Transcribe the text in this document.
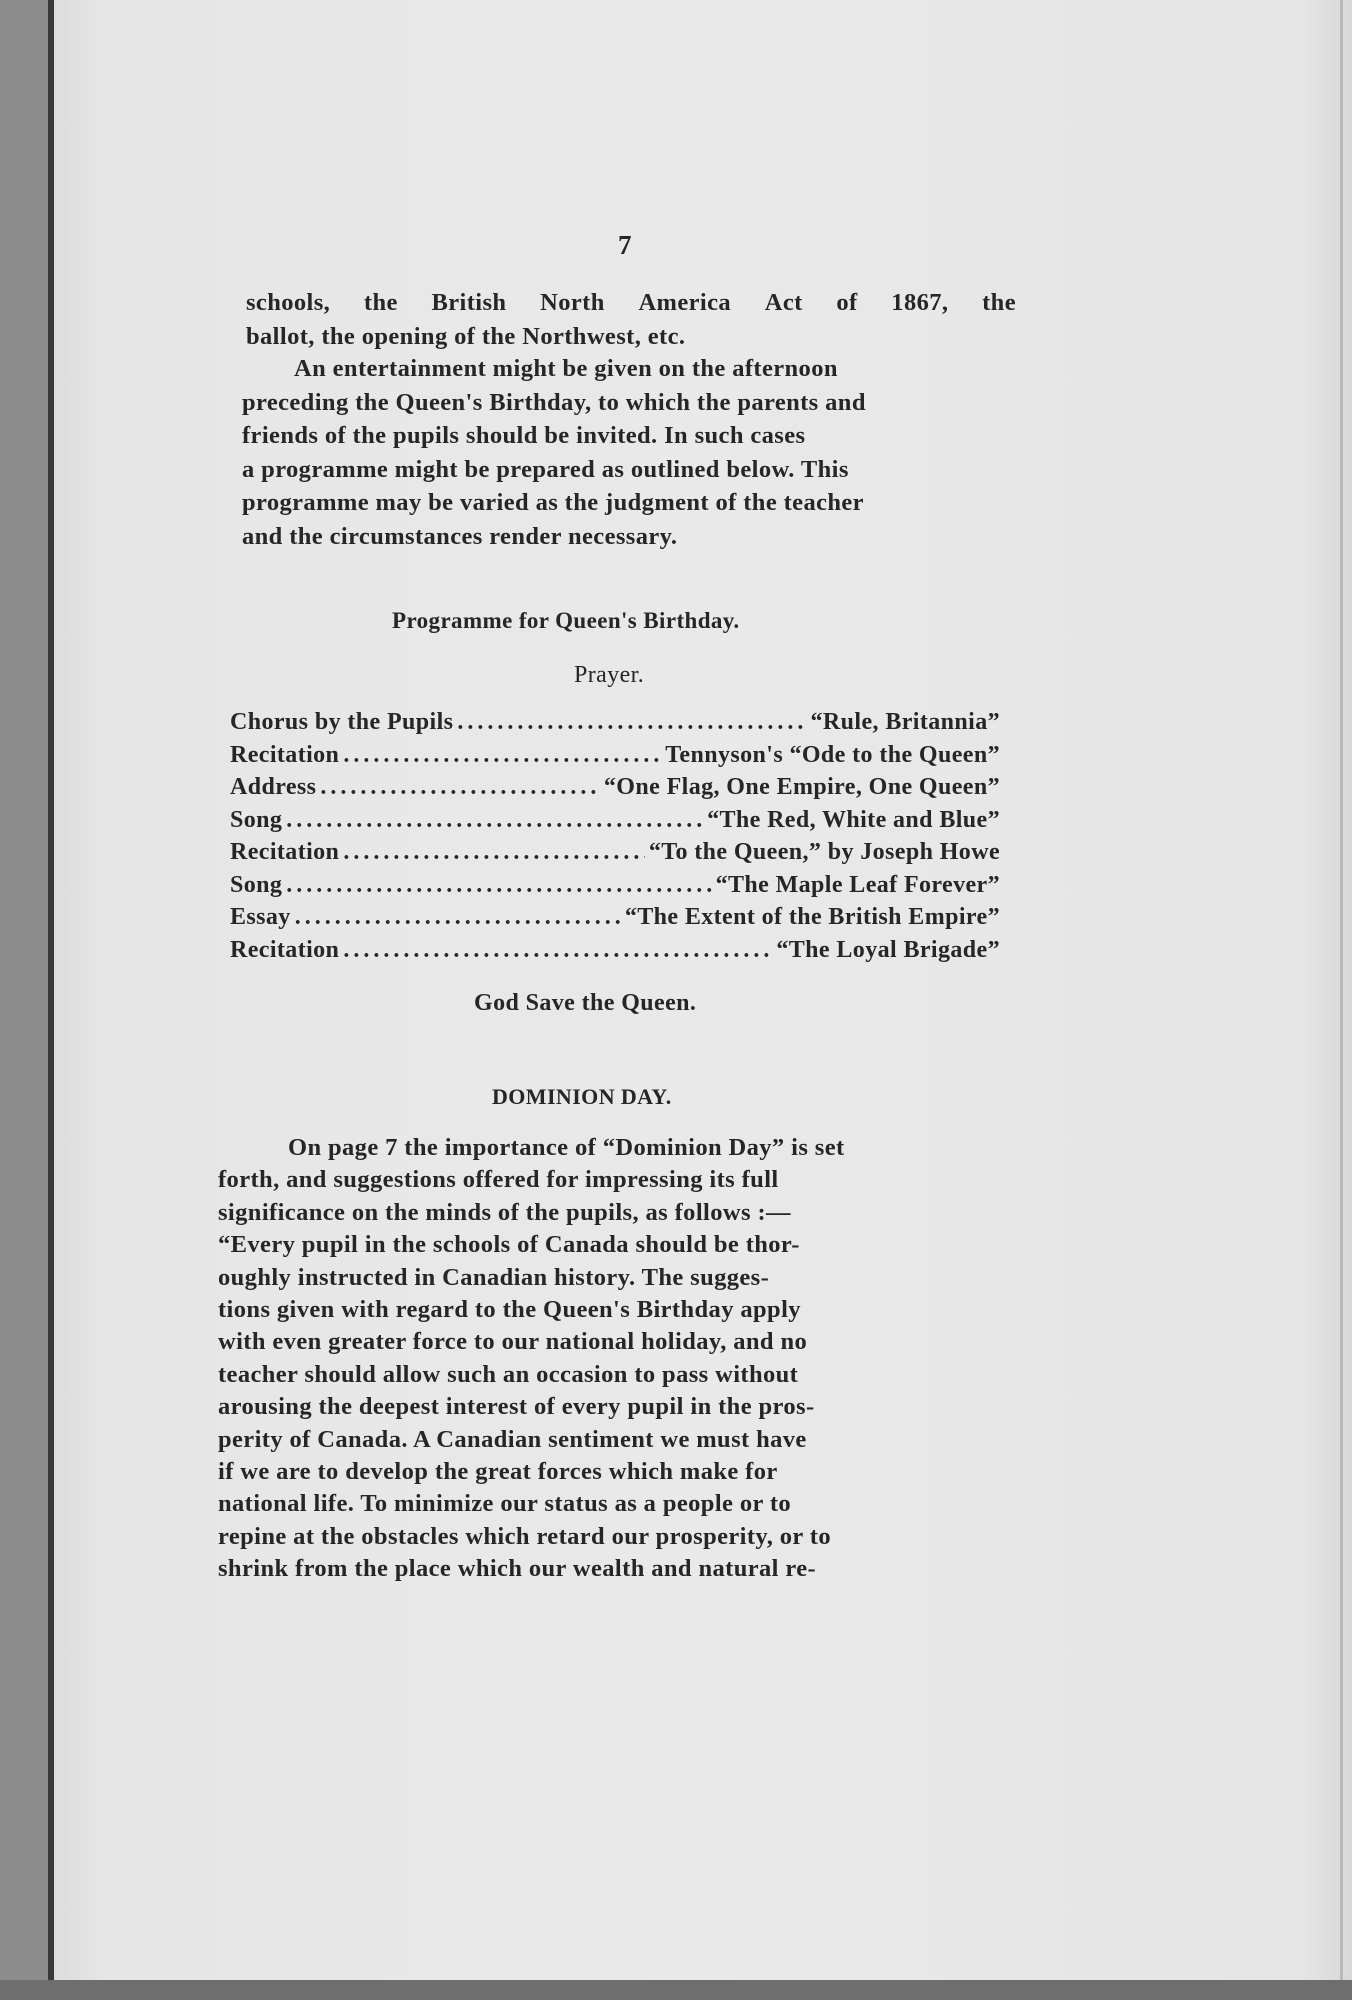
7
schools, the British North America Act of 1867, the
ballot, the opening of the Northwest, etc.
An entertainment might be given on the afternoon
preceding the Queen's Birthday, to which the parents and
friends of the pupils should be invited. In such cases
a programme might be prepared as outlined below. This
programme may be varied as the judgment of the teacher
and the circumstances render necessary.
Programme for Queen's Birthday.
Prayer.
Chorus by the Pupils . . .	“Rule, Britannia”
Recitation . . .	Tennyson's “Ode to the Queen”
Address . . .	“One Flag, One Empire, One Queen”
Song . . .	“The Red, White and Blue”
Recitation . . .	“To the Queen,” by Joseph Howe
Song . . .	“The Maple Leaf Forever”
Essay . . .	“The Extent of the British Empire”
Recitation . . .	“The Loyal Brigade”
God Save the Queen.
DOMINION DAY.
On page 7 the importance of “Dominion Day” is set
forth, and suggestions offered for impressing its full
significance on the minds of the pupils, as follows :—
“Every pupil in the schools of Canada should be thor-
oughly instructed in Canadian history. The sugges-
tions given with regard to the Queen's Birthday apply
with even greater force to our national holiday, and no
teacher should allow such an occasion to pass without
arousing the deepest interest of every pupil in the pros-
perity of Canada. A Canadian sentiment we must have
if we are to develop the great forces which make for
national life. To minimize our status as a people or to
repine at the obstacles which retard our prosperity, or to
shrink from the place which our wealth and natural re-
